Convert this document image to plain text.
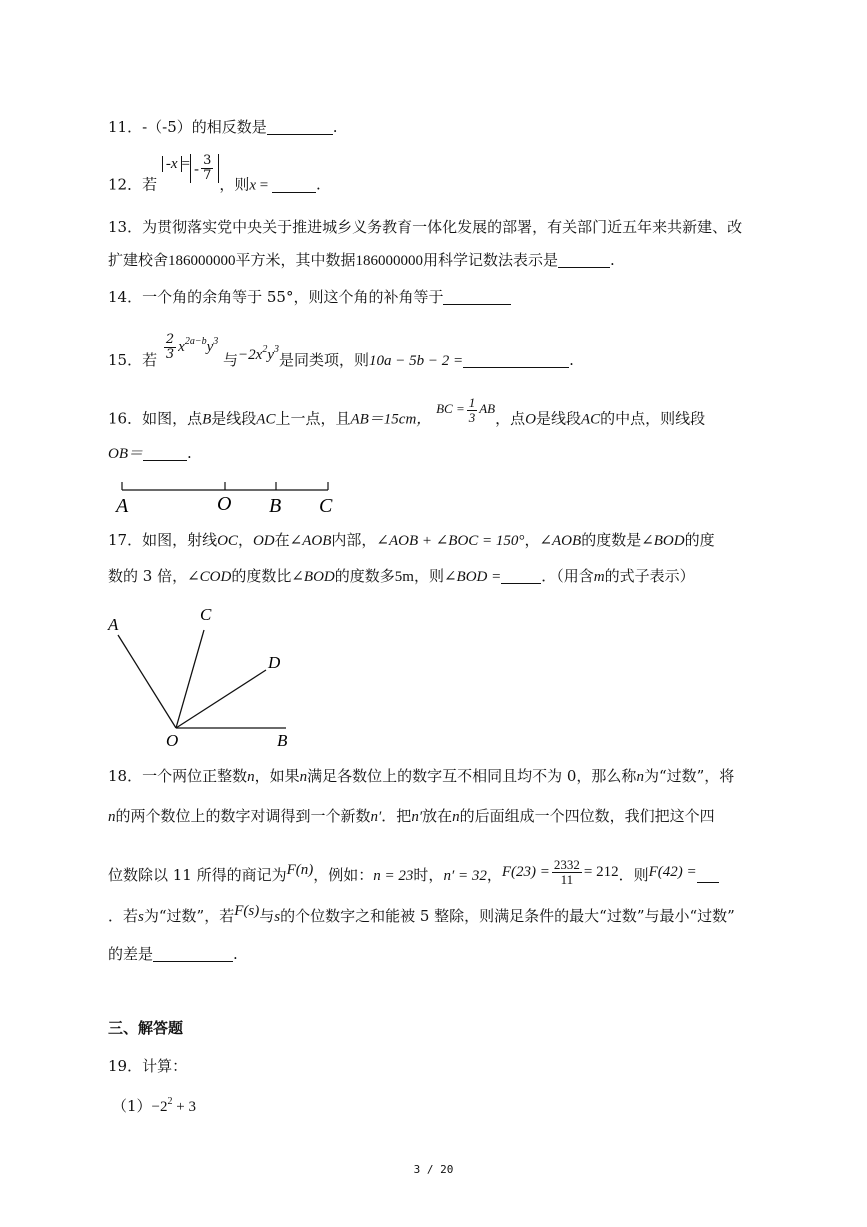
11．-（-5）的相反数是	.
12．若 -x = - $\frac{3}{7}$
，则x =	.
13．为贯彻落实党中央关于推进城乡义务教育一体化发展的部署，有关部门近五年来共新建、改
扩建校舍186000000平方米，其中数据186000000用科学记数法表示是	.
14．一个角的余角等于 55°，则这个角的补角等于
15．若 $\frac{2}{3} x^{2a-b}y^3$ 与$-2x^2y^3$是同类项，则10a − 5b − 2 =	.
16．如图，点B是线段AC上一点，且AB＝15cm， BC = $\frac{1}{3}$ AB，点O是线段AC的中点，则线段
OB＝	.
A	O B C
17．如图，射线OC，OD在∠AOB内部，∠AOB + ∠BOC = 150°，∠AOB的度数是∠BOD的度
数的 3 倍，∠COD的度数比∠BOD的度数多5m，则∠BOD =	．（用含m的式子表示）
A
C
D
O	B
18．一个两位正整数n，如果n满足各数位上的数字互不相同且均不为 0，那么称n为“过数”，将
n的两个数位上的数字对调得到一个新数n′．把n′放在n的后面组成一个四位数，我们把这个四
位数除以 11 所得的商记为F(n)，例如：n = 23时，n′ = 32，$F(23) = \frac{2332}{11} = 212$．则F(42) =
．若s为“过数”，若F(s)与s的个位数字之和能被 5 整除，则满足条件的最大“过数”与最小“过数”
的差是	.
三、解答题
19．计算：
$(1)-2^2 + 3$
3 / 20
